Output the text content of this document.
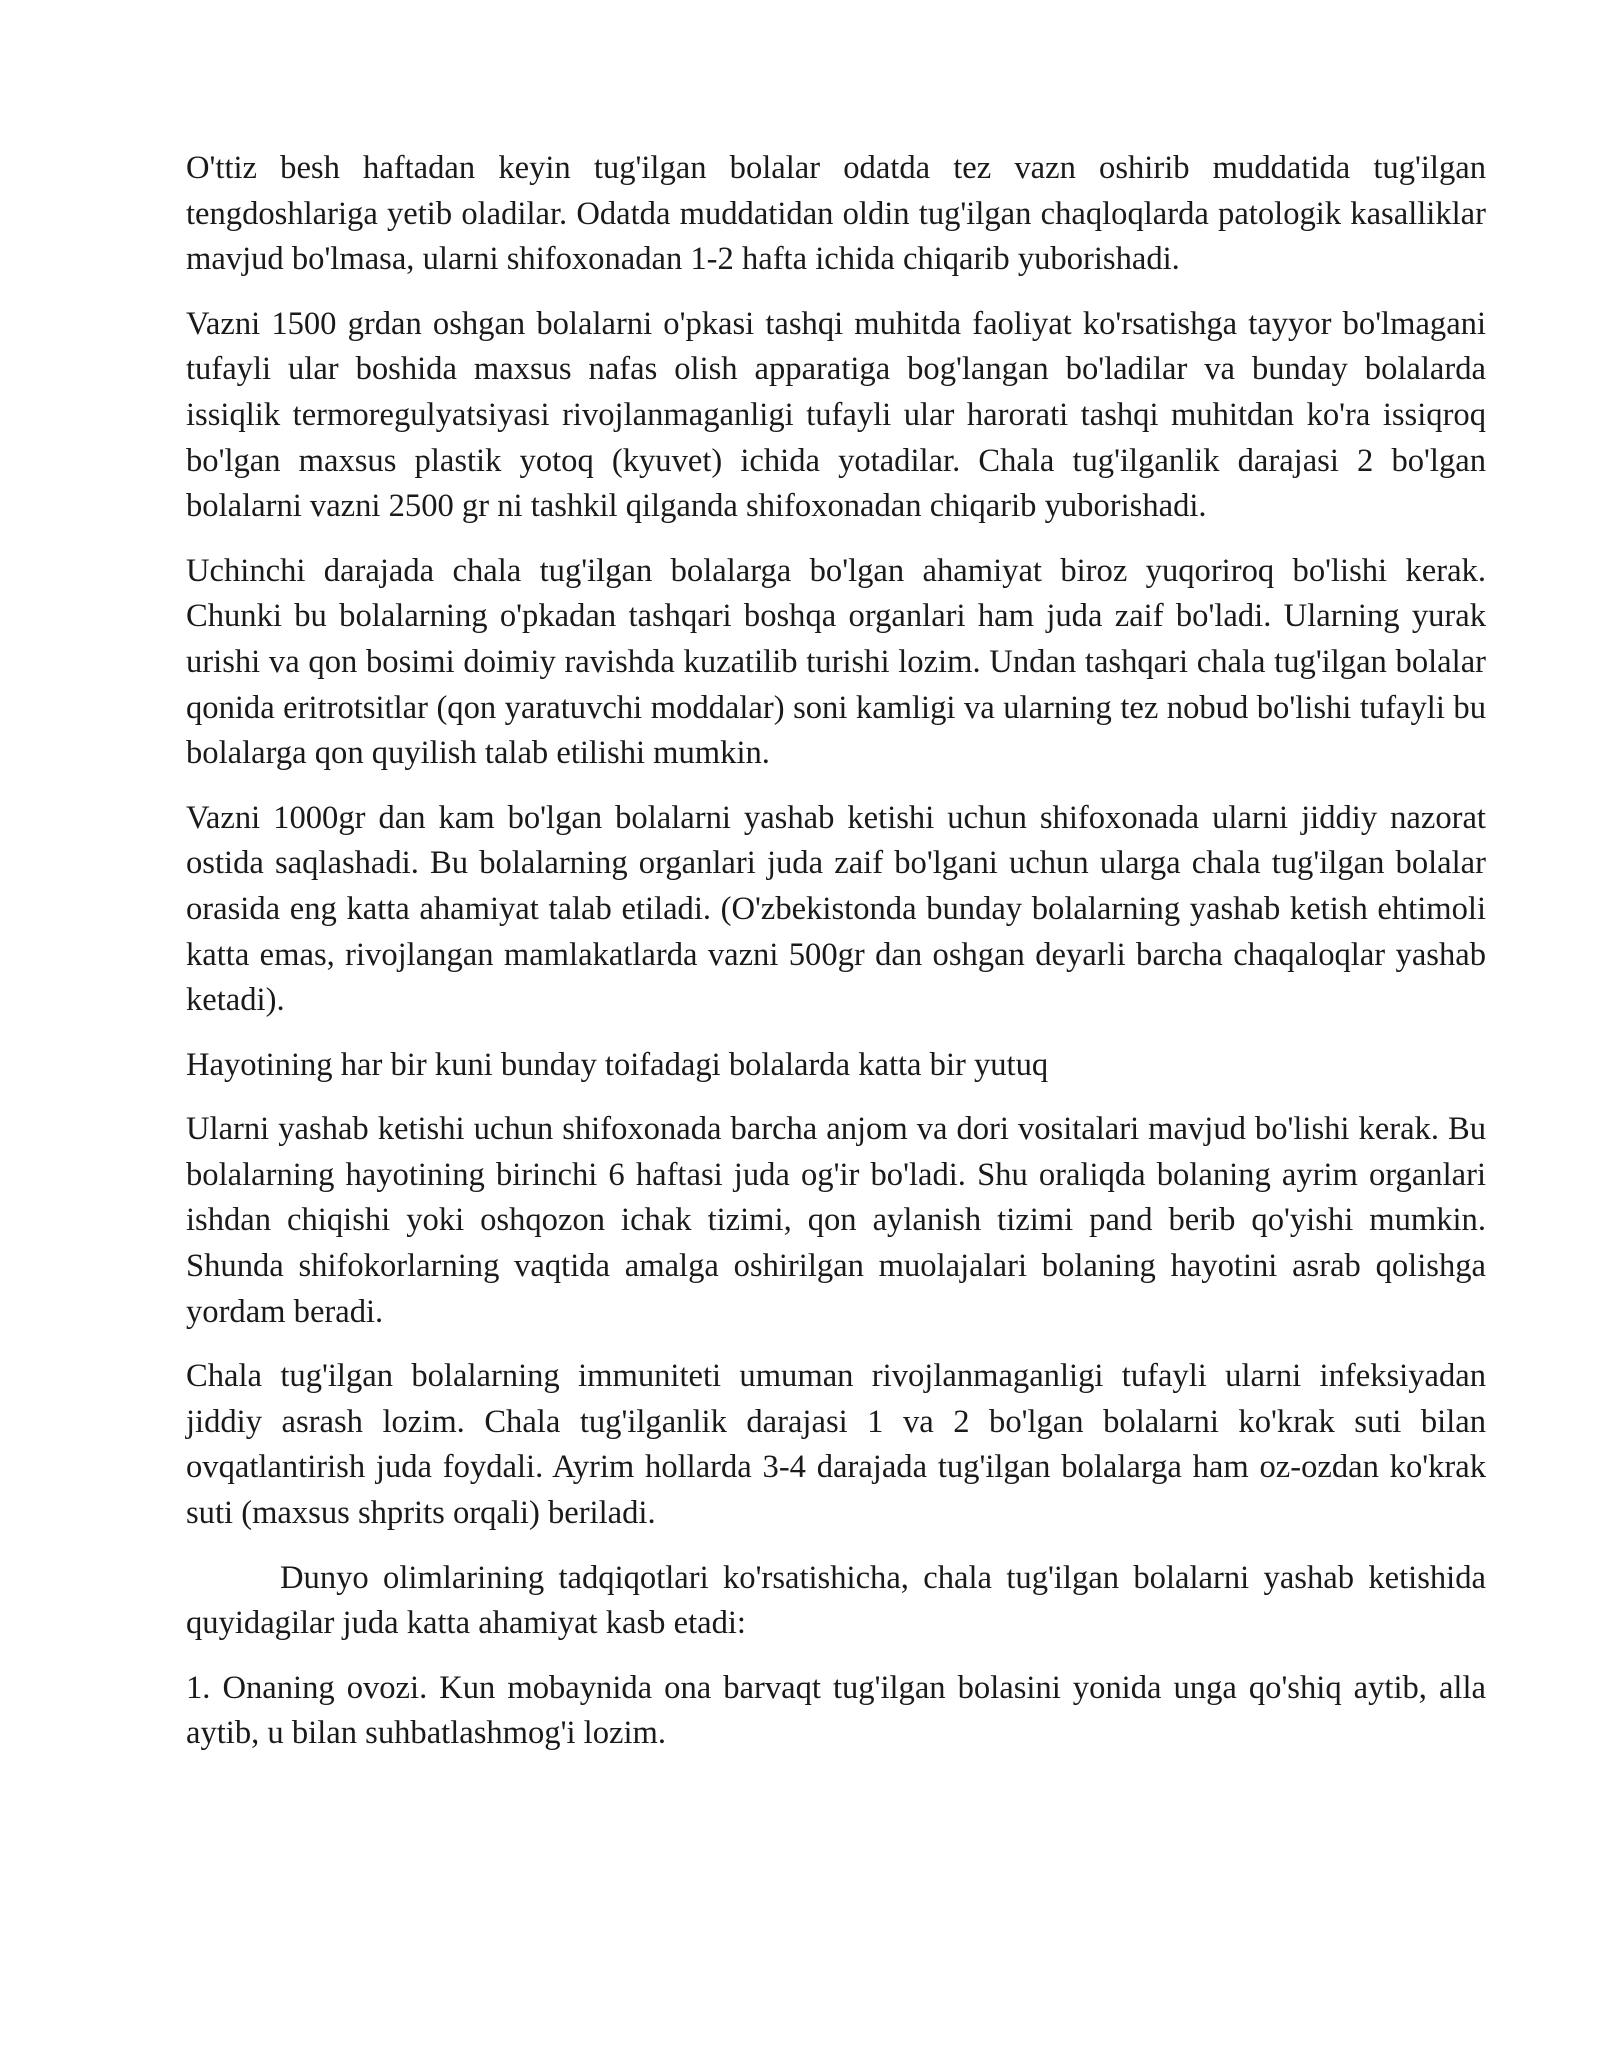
O'ttiz besh haftadan keyin tug'ilgan bolalar odatda tez vazn oshirib muddatida tug'ilgan tengdoshlariga yetib oladilar. Odatda muddatidan oldin tug'ilgan chaqloqlarda patologik kasalliklar mavjud bo'lmasa, ularni shifoxonadan 1-2 hafta ichida chiqarib yuborishadi.

Vazni 1500 grdan oshgan bolalarni o'pkasi tashqi muhitda faoliyat ko'rsatishga tayyor bo'lmagani tufayli ular boshida maxsus nafas olish apparatiga bog'langan bo'ladilar va bunday bolalarda issiqlik termoregulyatsiyasi rivojlanmaganligi tufayli ular harorati tashqi muhitdan ko'ra issiqroq bo'lgan maxsus plastik yotoq (kyuvet) ichida yotadilar. Chala tug'ilganlik darajasi 2 bo'lgan bolalarni vazni 2500 gr ni tashkil qilganda shifoxonadan chiqarib yuborishadi.

Uchinchi darajada chala tug'ilgan bolalarga bo'lgan ahamiyat biroz yuqoriroq bo'lishi kerak. Chunki bu bolalarning o'pkadan tashqari boshqa organlari ham juda zaif bo'ladi. Ularning yurak urishi va qon bosimi doimiy ravishda kuzatilib turishi lozim. Undan tashqari chala tug'ilgan bolalar qonida eritrotsitlar (qon yaratuvchi moddalar) soni kamligi va ularning tez nobud bo'lishi tufayli bu bolalarga qon quyilish talab etilishi mumkin.

Vazni 1000gr dan kam bo'lgan bolalarni yashab ketishi uchun shifoxonada ularni jiddiy nazorat ostida saqlashadi. Bu bolalarning organlari juda zaif bo'lgani uchun ularga chala tug'ilgan bolalar orasida eng katta ahamiyat talab etiladi. (O'zbekistonda bunday bolalarning yashab ketish ehtimoli katta emas, rivojlangan mamlakatlarda vazni 500gr dan oshgan deyarli barcha chaqaloqlar yashab ketadi).

Hayotining har bir kuni bunday toifadagi bolalarda katta bir yutuq

Ularni yashab ketishi uchun shifoxonada barcha anjom va dori vositalari mavjud bo'lishi kerak. Bu bolalarning hayotining birinchi 6 haftasi juda og'ir bo'ladi. Shu oraliqda bolaning ayrim organlari ishdan chiqishi yoki oshqozon ichak tizimi, qon aylanish tizimi pand berib qo'yishi mumkin. Shunda shifokorlarning vaqtida amalga oshirilgan muolajalari bolaning hayotini asrab qolishga yordam beradi.

Chala tug'ilgan bolalarning immuniteti umuman rivojlanmaganligi tufayli ularni infeksiyadan jiddiy asrash lozim. Chala tug'ilganlik darajasi 1 va 2 bo'lgan bolalarni ko'krak suti bilan ovqatlantirish juda foydali. Ayrim hollarda 3-4 darajada tug'ilgan bolalarga ham oz-ozdan ko'krak suti (maxsus shprits orqali) beriladi.

Dunyo olimlarining tadqiqotlari ko'rsatishicha, chala tug'ilgan bolalarni yashab ketishida quyidagilar juda katta ahamiyat kasb etadi:

1. Onaning ovozi. Kun mobaynida ona barvaqt tug'ilgan bolasini yonida unga qo'shiq aytib, alla aytib, u bilan suhbatlashmog'i lozim.
